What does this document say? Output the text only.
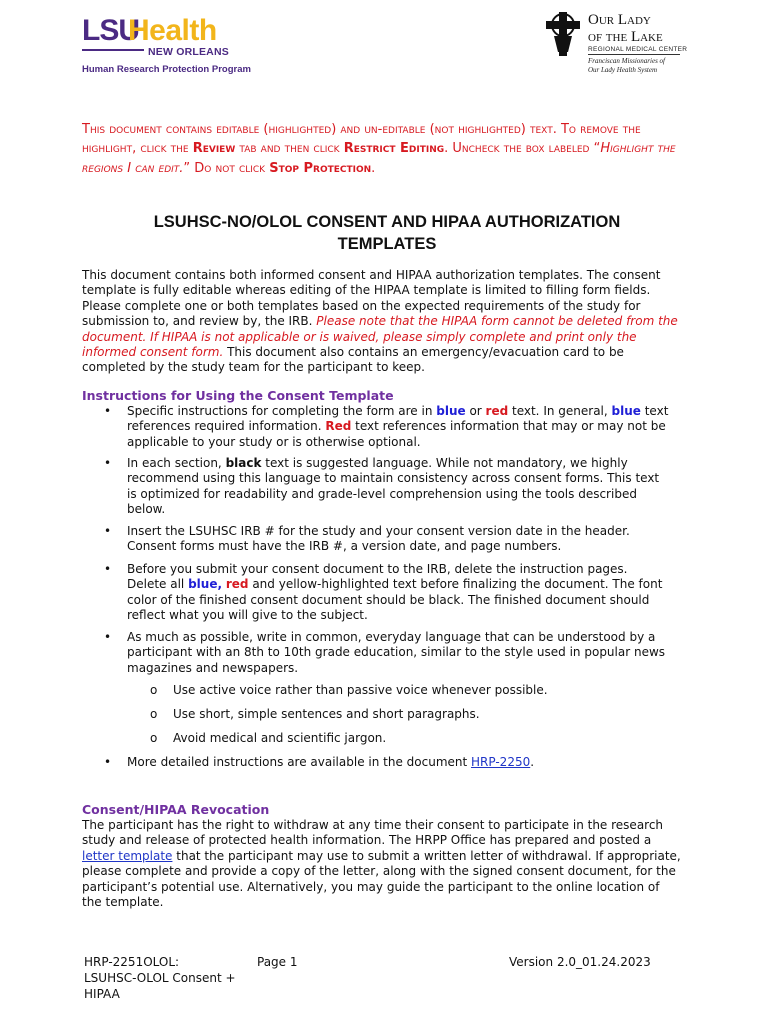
LSU
Health
NEW ORLEANS
Human Research Protection Program
Our Lady
of the Lake
REGIONAL MEDICAL CENTER
Franciscan Missionaries of
Our Lady Health System
This document contains editable (highlighted) and un-editable (not highlighted) text. To remove the highlight, click the Review tab and then click Restrict Editing. Uncheck the box labeled “Highlight the regions I can edit.” Do not click Stop Protection.
LSUHSC-NO/OLOL CONSENT AND HIPAA AUTHORIZATION
TEMPLATES
This document contains both informed consent and HIPAA authorization templates. The consent template is fully editable whereas editing of the HIPAA template is limited to filling form fields. Please complete one or both templates based on the expected requirements of the study for submission to, and review by, the IRB. Please note that the HIPAA form cannot be deleted from the document. If HIPAA is not applicable or is waived, please simply complete and print only the informed consent form. This document also contains an emergency/evacuation card to be completed by the study team for the participant to keep.
Instructions for Using the Consent Template
• Specific instructions for completing the form are in blue or red text. In general, blue text references required information. Red text references information that may or may not be applicable to your study or is otherwise optional.
• In each section, black text is suggested language. While not mandatory, we highly recommend using this language to maintain consistency across consent forms. This text is optimized for readability and grade-level comprehension using the tools described below.
• Insert the LSUHSC IRB # for the study and your consent version date in the header. Consent forms must have the IRB #, a version date, and page numbers.
• Before you submit your consent document to the IRB, delete the instruction pages. Delete all blue, red and yellow-highlighted text before finalizing the document. The font color of the finished consent document should be black. The finished document should reflect what you will give to the subject.
• As much as possible, write in common, everyday language that can be understood by a participant with an 8th to 10th grade education, similar to the style used in popular news magazines and newspapers.
o Use active voice rather than passive voice whenever possible.
o Use short, simple sentences and short paragraphs.
o Avoid medical and scientific jargon.
• More detailed instructions are available in the document HRP-2250.
Consent/HIPAA Revocation
The participant has the right to withdraw at any time their consent to participate in the research study and release of protected health information. The HRPP Office has prepared and posted a letter template that the participant may use to submit a written letter of withdrawal. If appropriate, please complete and provide a copy of the letter, along with the signed consent document, for the participant’s potential use. Alternatively, you may guide the participant to the online location of the template.
HRP-2251OLOL:
LSUHSC-OLOL Consent +
HIPAA
Page 1	Version 2.0_01.24.2023
